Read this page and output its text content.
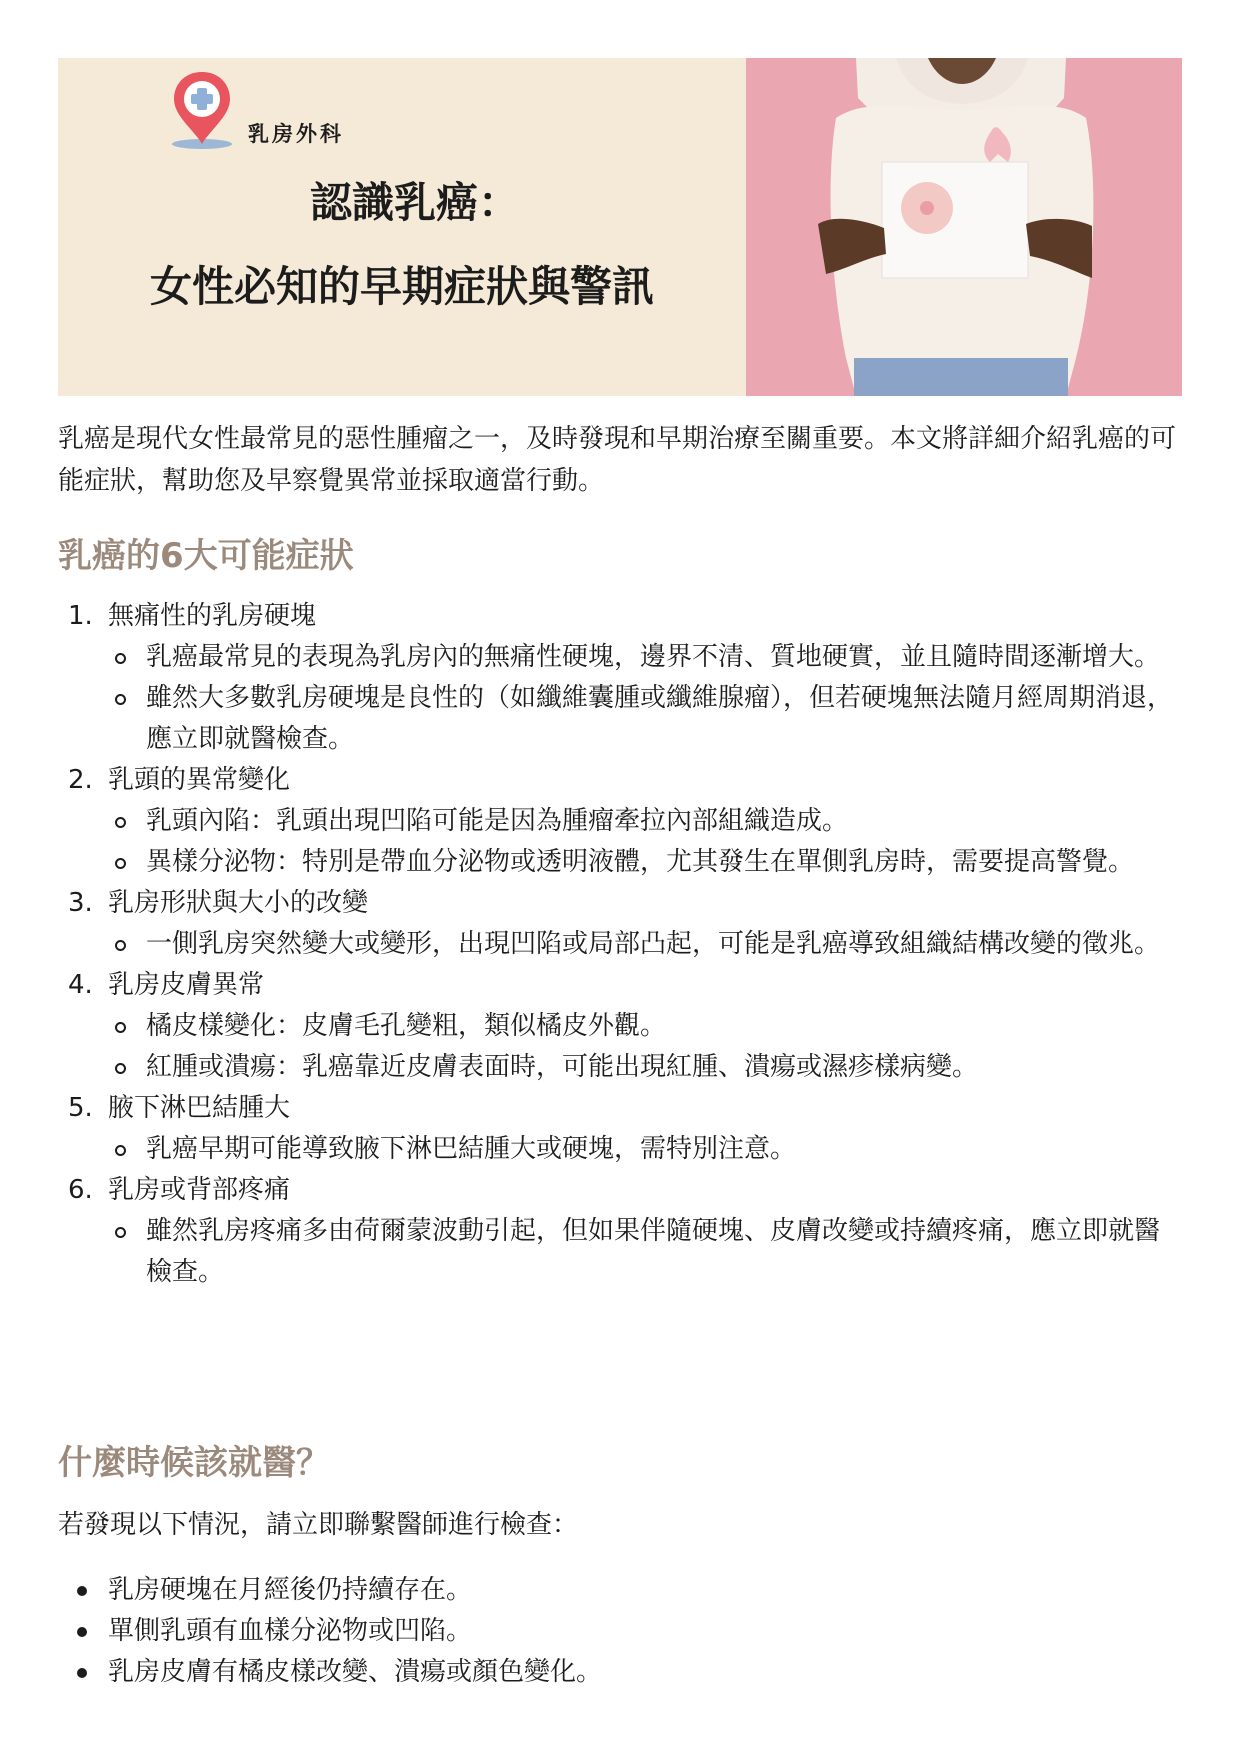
乳房外科
認識乳癌：
女性必知的早期症狀與警訊
乳癌是現代女性最常見的惡性腫瘤之一，及時發現和早期治療至關重要。本文將詳細介紹乳癌的可能症狀，幫助您及早察覺異常並採取適當行動。
乳癌的6大可能症狀
1. 無痛性的乳房硬塊
乳癌最常見的表現為乳房內的無痛性硬塊，邊界不清、質地硬實，並且隨時間逐漸增大。
雖然大多數乳房硬塊是良性的（如纖維囊腫或纖維腺瘤），但若硬塊無法隨月經周期消退，應立即就醫檢查。
2. 乳頭的異常變化
乳頭內陷：乳頭出現凹陷可能是因為腫瘤牽拉內部組織造成。
異樣分泌物：特別是帶血分泌物或透明液體，尤其發生在單側乳房時，需要提高警覺。
3. 乳房形狀與大小的改變
一側乳房突然變大或變形，出現凹陷或局部凸起，可能是乳癌導致組織結構改變的徵兆。
4. 乳房皮膚異常
橘皮樣變化：皮膚毛孔變粗，類似橘皮外觀。
紅腫或潰瘍：乳癌靠近皮膚表面時，可能出現紅腫、潰瘍或濕疹樣病變。
5. 腋下淋巴結腫大
乳癌早期可能導致腋下淋巴結腫大或硬塊，需特別注意。
6. 乳房或背部疼痛
雖然乳房疼痛多由荷爾蒙波動引起，但如果伴隨硬塊、皮膚改變或持續疼痛，應立即就醫檢查。
什麼時候該就醫？
若發現以下情況，請立即聯繫醫師進行檢查：
乳房硬塊在月經後仍持續存在。
單側乳頭有血樣分泌物或凹陷。
乳房皮膚有橘皮樣改變、潰瘍或顏色變化。
